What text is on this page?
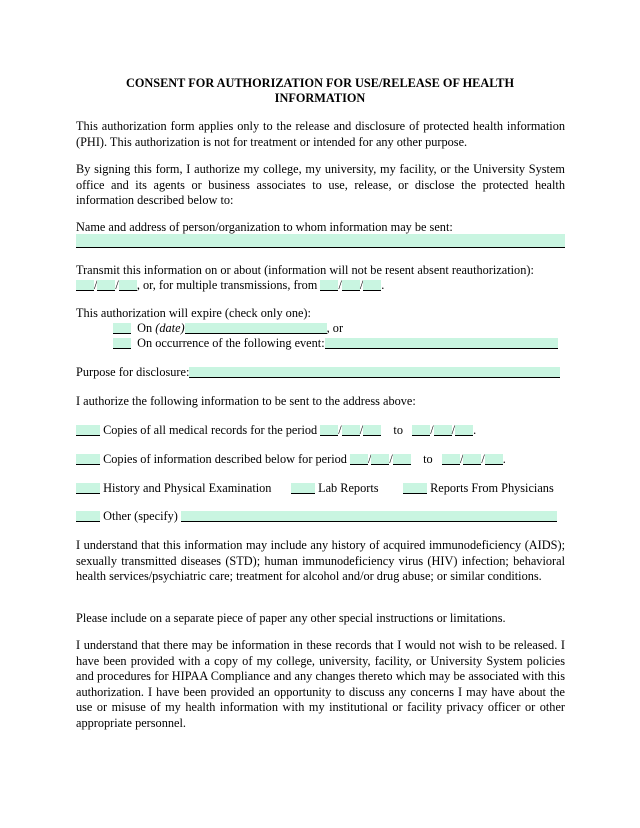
CONSENT FOR AUTHORIZATION FOR USE/RELEASE OF HEALTH
INFORMATION

This authorization form applies only to the release and disclosure of protected health information (PHI). This authorization is not for treatment or intended for any other purpose.

By signing this form, I authorize my college, my university, my facility, or the University System office and its agents or business associates to use, release, or disclose the protected health information described below to:

Name and address of person/organization to whom information may be sent:

Transmit this information on or about (information will not be resent absent reauthorization):

/ / , or, for multiple transmissions, from / / .
This authorization will expire (check only one):
On (date)	, or
On occurrence of the following event:
Purpose for disclosure:
I authorize the following information to be sent to the address above:
Copies of all medical records for the period / / to / / .
Copies of information described below for period / / to / / .
History and Physical Examination	Lab Reports	Reports From Physicians
Other (specify)

I understand that this information may include any history of acquired immunodeficiency (AIDS); sexually transmitted diseases (STD); human immunodeficiency virus (HIV) infection; behavioral health services/psychiatric care; treatment for alcohol and/or drug abuse; or similar conditions.

Please include on a separate piece of paper any other special instructions or limitations.

I understand that there may be information in these records that I would not wish to be released. I have been provided with a copy of my college, university, facility, or University System policies and procedures for HIPAA Compliance and any changes thereto which may be associated with this authorization. I have been provided an opportunity to discuss any concerns I may have about the use or misuse of my health information with my institutional or facility privacy officer or other appropriate personnel.
